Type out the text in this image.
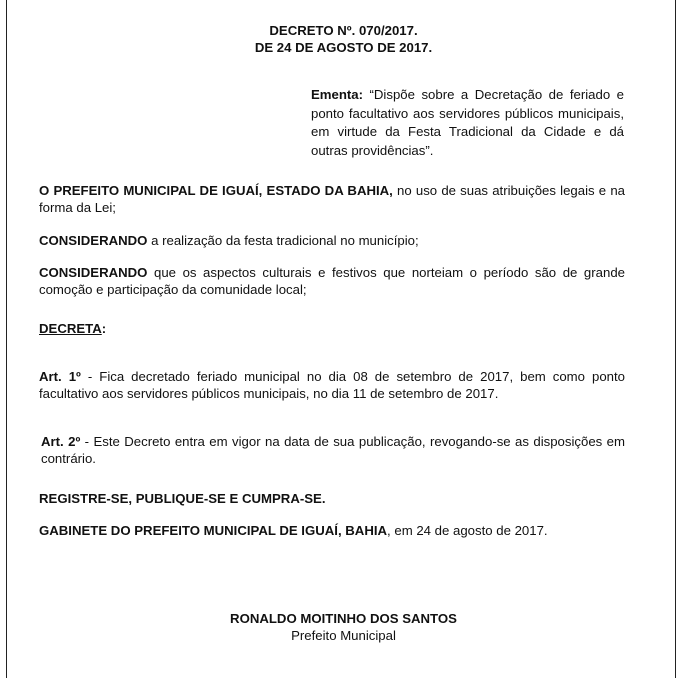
DECRETO Nº. 070/2017.

DE 24 DE AGOSTO DE 2017.

Ementa: “Dispõe sobre a Decretação de feriado e ponto facultativo aos servidores públicos municipais, em virtude da Festa Tradicional da Cidade e dá outras providências”.

O PREFEITO MUNICIPAL DE IGUAÍ, ESTADO DA BAHIA, no uso de suas atribuições legais e na forma da Lei;

CONSIDERANDO a realização da festa tradicional no município;

CONSIDERANDO que os aspectos culturais e festivos que norteiam o período são de grande comoção e participação da comunidade local;

DECRETA:

Art. 1º - Fica decretado feriado municipal no dia 08 de setembro de 2017, bem como ponto facultativo aos servidores públicos municipais, no dia 11 de setembro de 2017.

Art. 2º - Este Decreto entra em vigor na data de sua publicação, revogando-se as disposições em contrário.

REGISTRE-SE, PUBLIQUE-SE E CUMPRA-SE.

GABINETE DO PREFEITO MUNICIPAL DE IGUAÍ, BAHIA, em 24 de agosto de 2017.

RONALDO MOITINHO DOS SANTOS

Prefeito Municipal
